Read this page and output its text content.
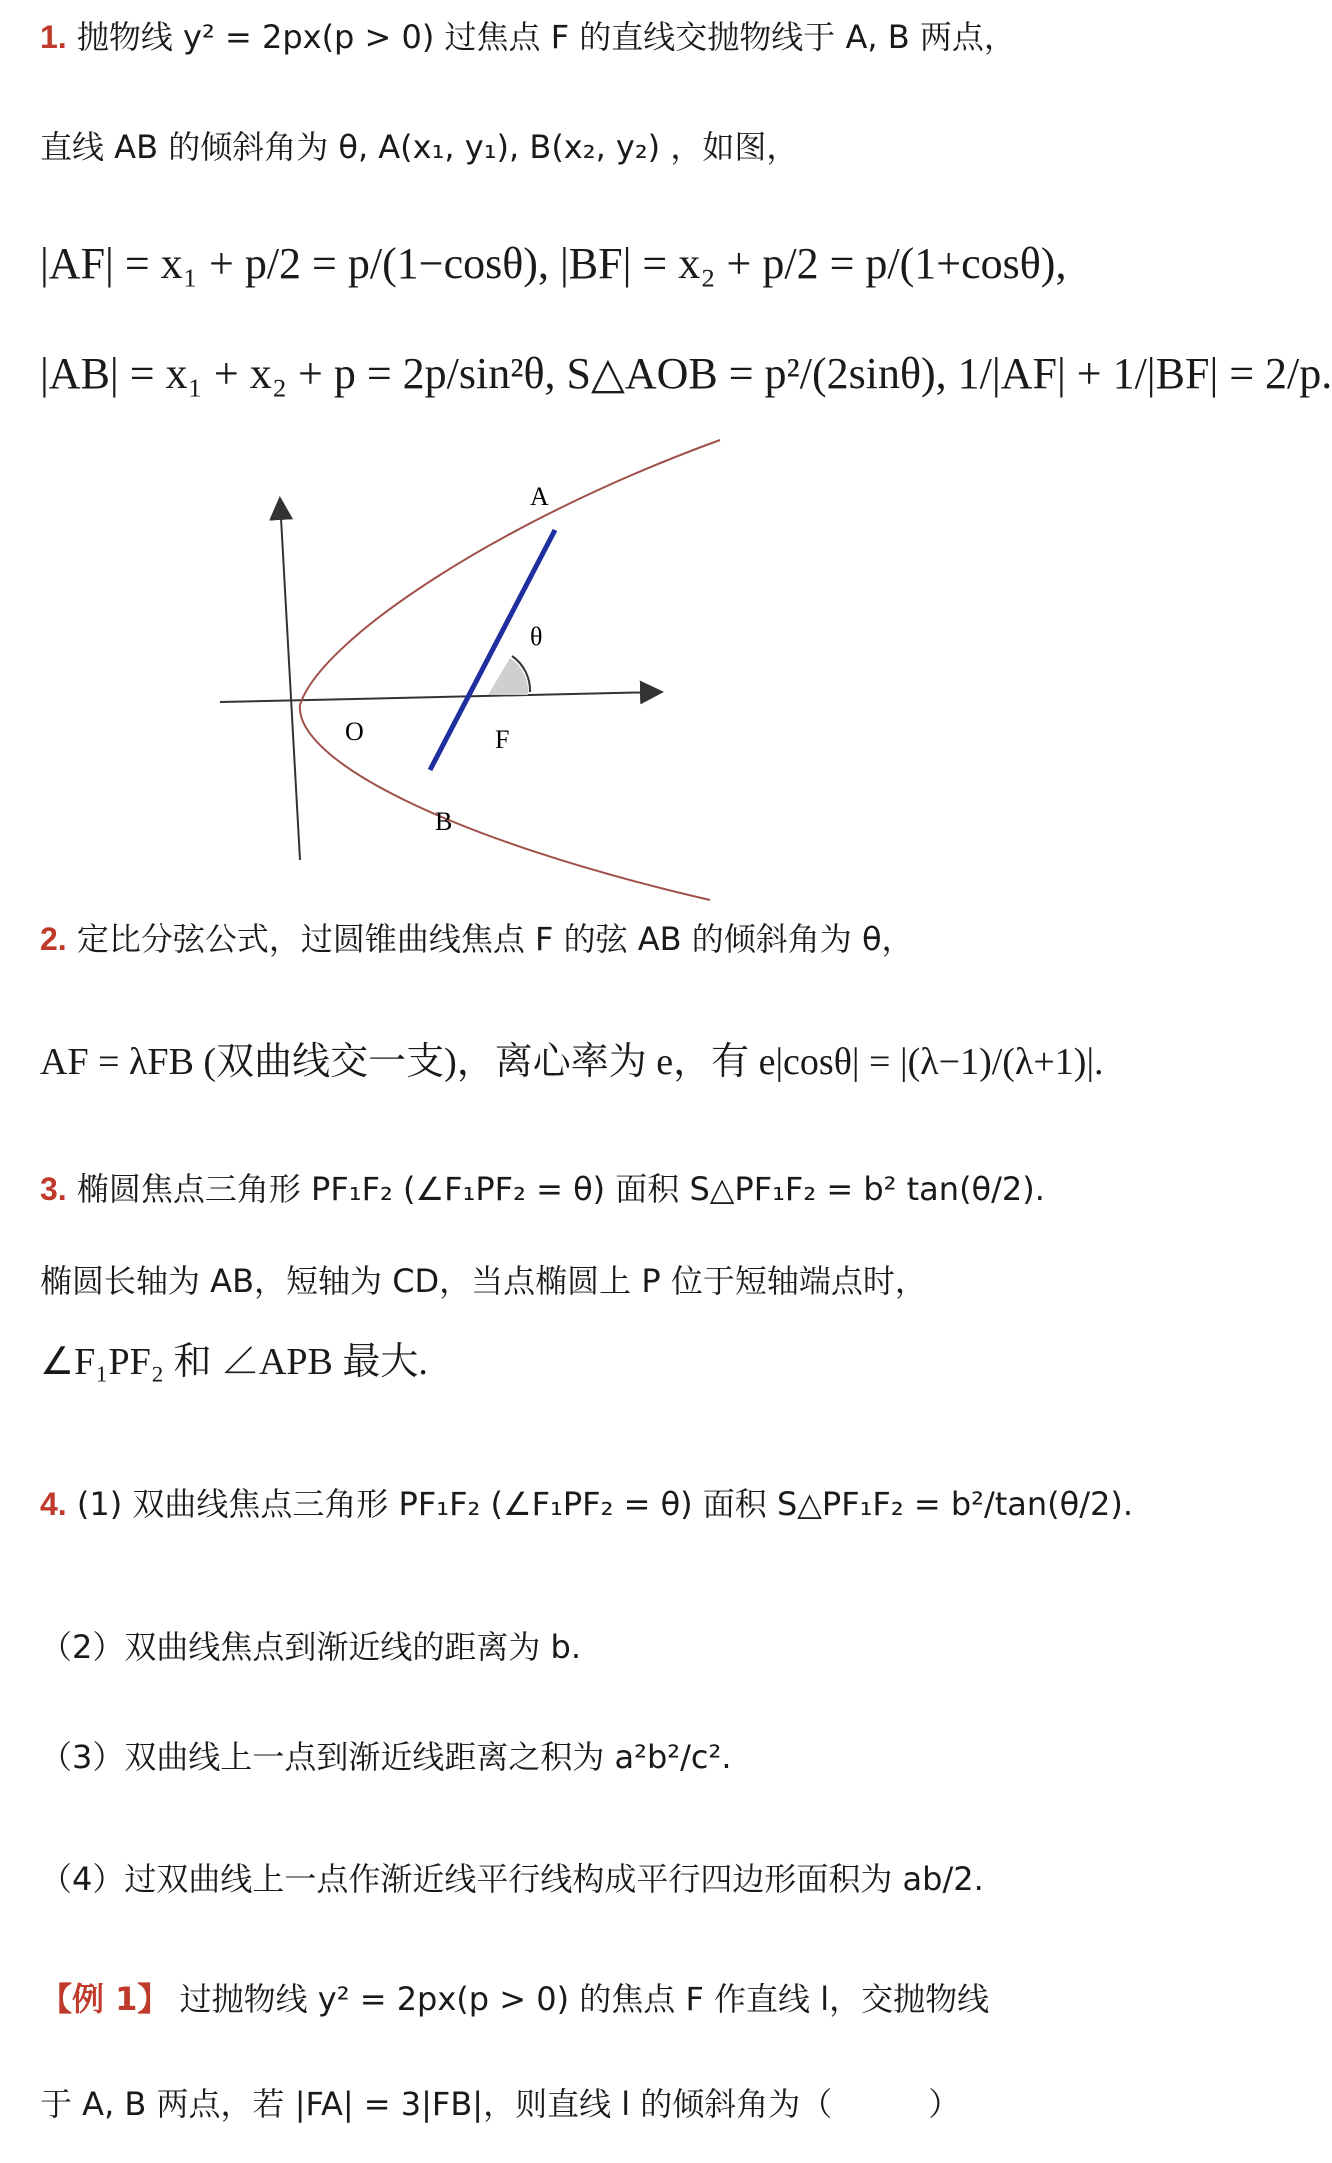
1. 抛物线 y² = 2px(p > 0) 过焦点 F 的直线交抛物线于 A, B 两点，
直线 AB 的倾斜角为 θ, A(x₁, y₁), B(x₂, y₂) ，如图，
|AF| = x₁ + p/2 = p/(1−cosθ), |BF| = x₂ + p/2 = p/(1+cosθ),
|AB| = x₁ + x₂ + p = 2p/sin²θ, S△AOB = p²/(2sinθ), 1/|AF| + 1/|BF| = 2/p.
A
θ
O	F
B
2. 定比分弦公式，过圆锥曲线焦点 F 的弦 AB 的倾斜角为 θ，
AF = λFB (双曲线交一支)，离心率为 e，有 e|cosθ| = |(λ−1)/(λ+1)|.
3. 椭圆焦点三角形 PF₁F₂ (∠F₁PF₂ = θ) 面积 S△PF₁F₂ = b² tan(θ/2).
椭圆长轴为 AB，短轴为 CD，当点椭圆上 P 位于短轴端点时，
∠F₁PF₂ 和 ∠APB 最大.
4. (1) 双曲线焦点三角形 PF₁F₂ (∠F₁PF₂ = θ) 面积 S△PF₁F₂ = b²/tan(θ/2).
（2）双曲线焦点到渐近线的距离为 b.
（3）双曲线上一点到渐近线距离之积为 a²b²/c².
（4）过双曲线上一点作渐近线平行线构成平行四边形面积为 ab/2.
【例 1】 过抛物线 y² = 2px(p > 0) 的焦点 F 作直线 l，交抛物线
于 A, B 两点，若 |FA| = 3|FB|，则直线 l 的倾斜角为（　　　）
